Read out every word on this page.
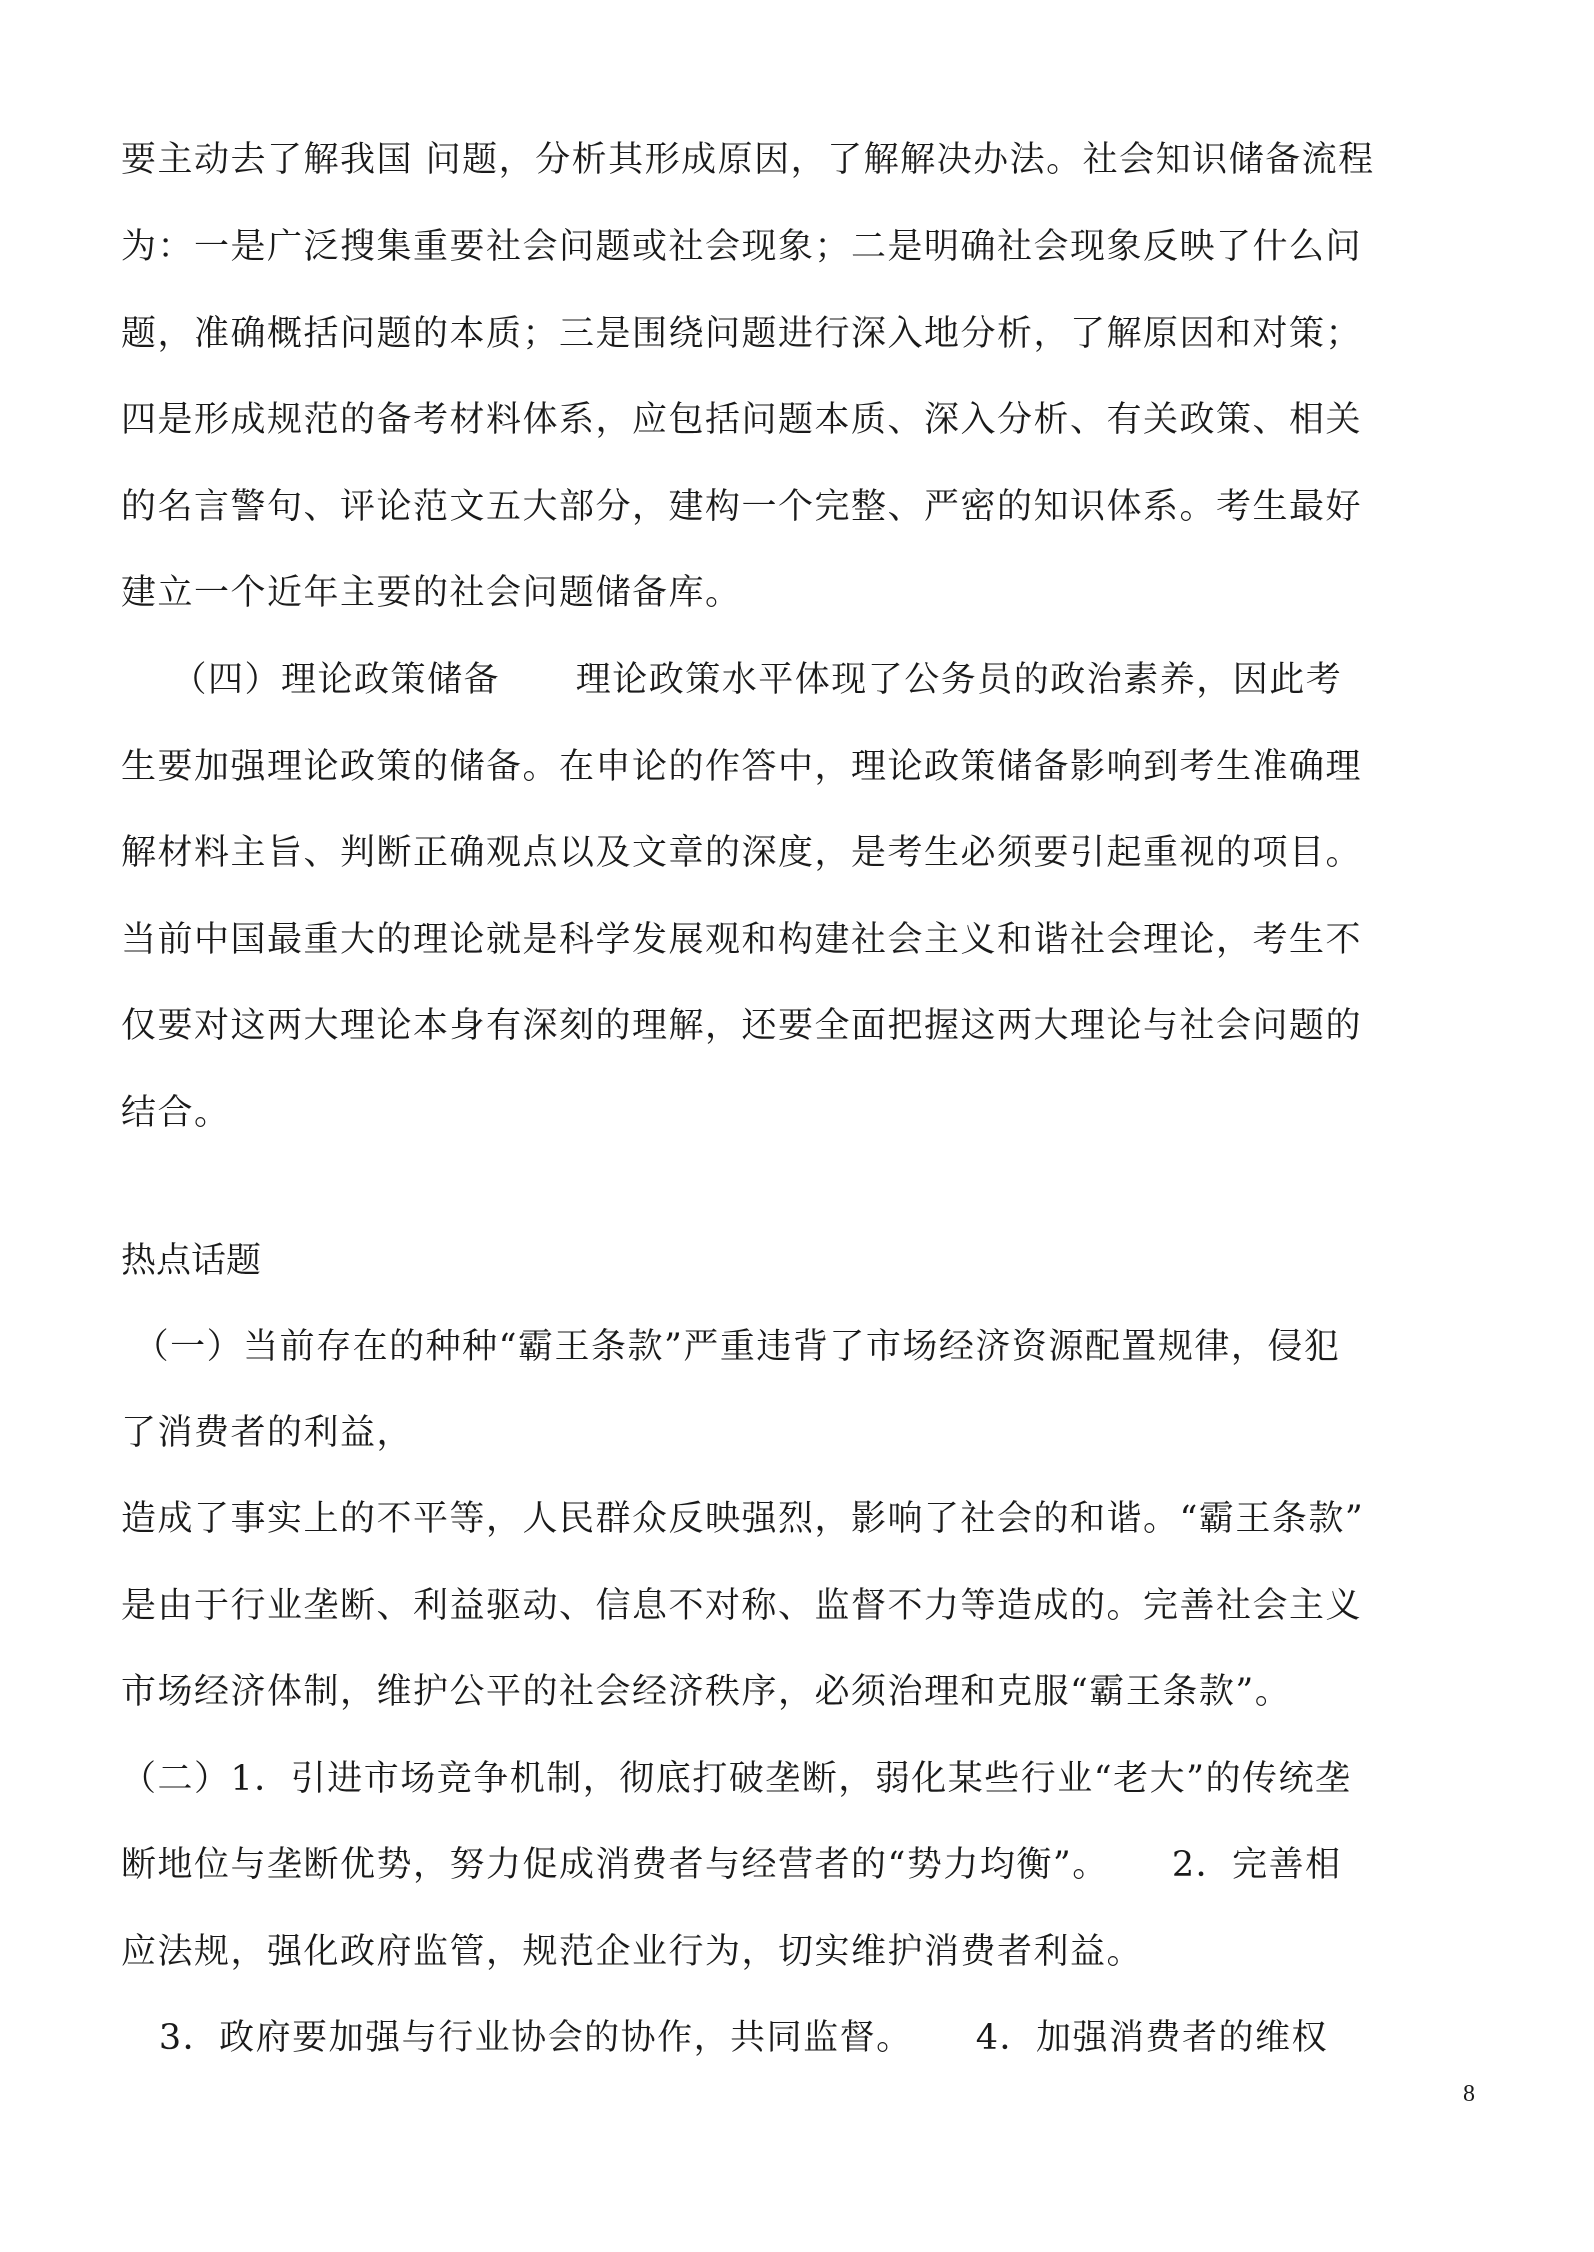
要主动去了解我国 问题，分析其形成原因，了解解决办法。社会知识储备流程
为：一是广泛搜集重要社会问题或社会现象；二是明确社会现象反映了什么问
题，准确概括问题的本质；三是围绕问题进行深入地分析，了解原因和对策；
四是形成规范的备考材料体系，应包括问题本质、深入分析、有关政策、相关
的名言警句、评论范文五大部分，建构一个完整、严密的知识体系。考生最好
建立一个近年主要的社会问题储备库。
（四）理论政策储备      理论政策水平体现了公务员的政治素养，因此考
生要加强理论政策的储备。在申论的作答中，理论政策储备影响到考生准确理
解材料主旨、判断正确观点以及文章的深度，是考生必须要引起重视的项目。
当前中国最重大的理论就是科学发展观和构建社会主义和谐社会理论，考生不
仅要对这两大理论本身有深刻的理解，还要全面把握这两大理论与社会问题的
结合。
热点话题
（一）当前存在的种种“霸王条款”严重违背了市场经济资源配置规律，侵犯
了消费者的利益，
造成了事实上的不平等，人民群众反映强烈，影响了社会的和谐。“霸王条款”
是由于行业垄断、利益驱动、信息不对称、监督不力等造成的。完善社会主义
市场经济体制，维护公平的社会经济秩序，必须治理和克服“霸王条款”。
（二）1．引进市场竞争机制，彻底打破垄断，弱化某些行业“老大”的传统垄
断地位与垄断优势，努力促成消费者与经营者的“势力均衡”。     2．完善相
应法规，强化政府监管，规范企业行为，切实维护消费者利益。
3．政府要加强与行业协会的协作，共同监督。     4．加强消费者的维权
8
